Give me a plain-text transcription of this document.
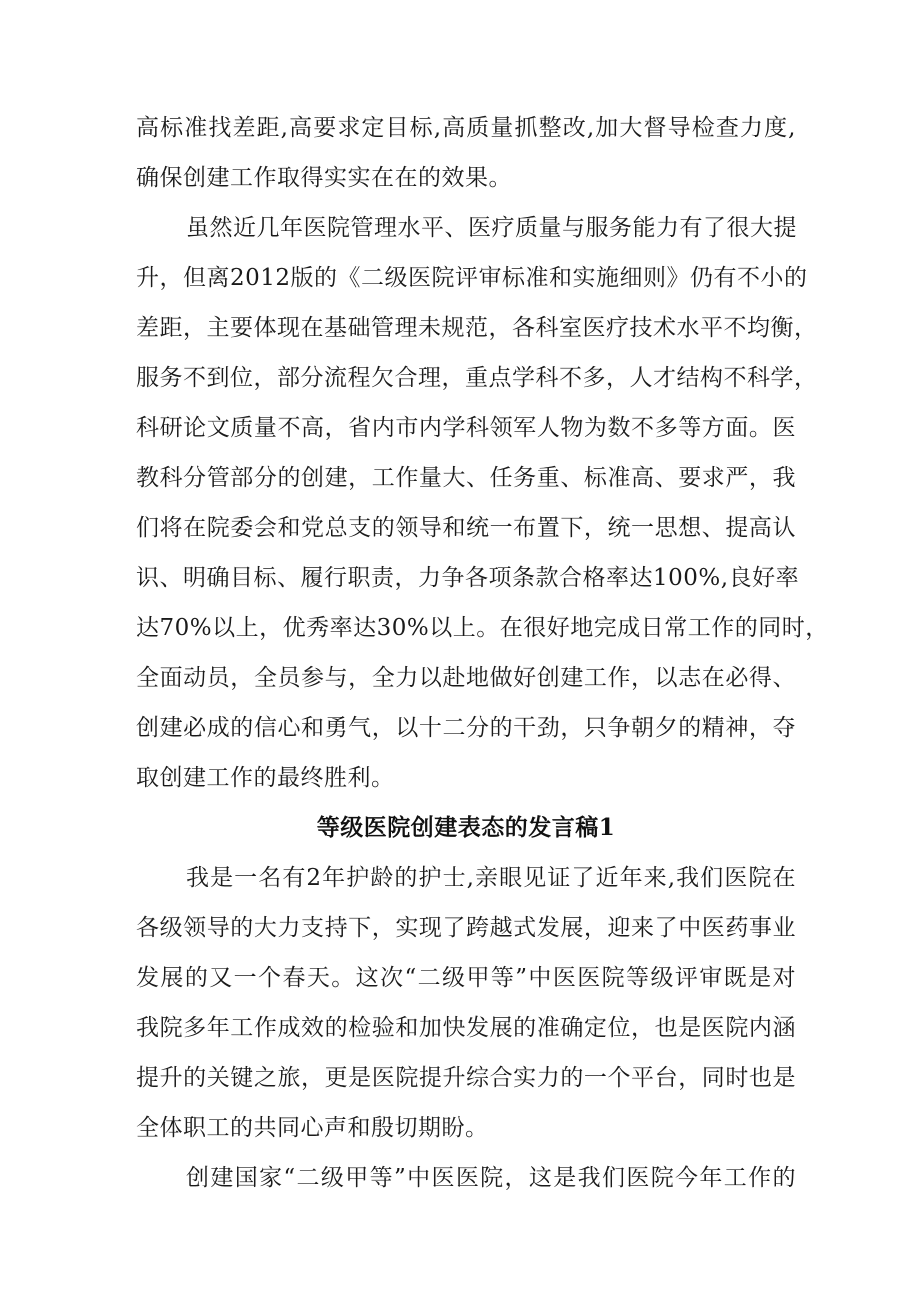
高标准找差距,高要求定目标,高质量抓整改,加大督导检查力度,
确保创建工作取得实实在在的效果。
虽然近几年医院管理水平、医疗质量与服务能力有了很大提
升，但离2012版的《二级医院评审标准和实施细则》仍有不小的
差距，主要体现在基础管理未规范，各科室医疗技术水平不均衡，
服务不到位，部分流程欠合理，重点学科不多，人才结构不科学，
科研论文质量不高，省内市内学科领军人物为数不多等方面。医
教科分管部分的创建，工作量大、任务重、标准高、要求严，我
们将在院委会和党总支的领导和统一布置下，统一思想、提高认
识、明确目标、履行职责，力争各项条款合格率达100%,良好率
达70%以上，优秀率达30%以上。在很好地完成日常工作的同时，
全面动员，全员参与，全力以赴地做好创建工作，以志在必得、
创建必成的信心和勇气，以十二分的干劲，只争朝夕的精神，夺
取创建工作的最终胜利。
等级医院创建表态的发言稿1
我是一名有2年护龄的护士,亲眼见证了近年来,我们医院在
各级领导的大力支持下，实现了跨越式发展，迎来了中医药事业
发展的又一个春天。这次“二级甲等”中医医院等级评审既是对
我院多年工作成效的检验和加快发展的准确定位，也是医院内涵
提升的关键之旅，更是医院提升综合实力的一个平台，同时也是
全体职工的共同心声和殷切期盼。
创建国家“二级甲等”中医医院，这是我们医院今年工作的
